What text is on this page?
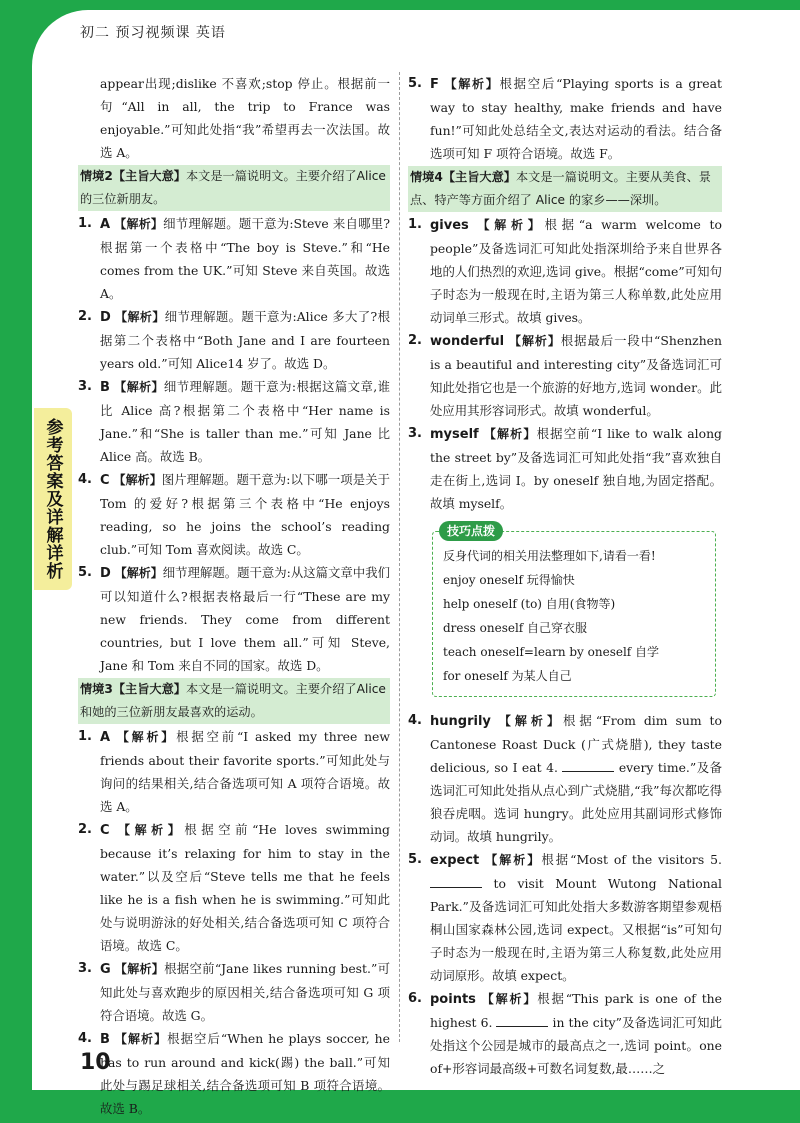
初二 预习视频课 英语
参考答案及详解详析
10

appear出现;dislike 不喜欢;stop 停止。根据前一句“All in all, the trip to France was enjoyable.”可知此处指“我”希望再去一次法国。故选 A。

情境2【主旨大意】本文是一篇说明文。主要介绍了Alice的三位新朋友。
1. A 【解析】细节理解题。题干意为:Steve 来自哪里?根据第一个表格中“The boy is Steve.”和“He comes from the UK.”可知 Steve 来自英国。故选 A。

2. D 【解析】细节理解题。题干意为:Alice 多大了?根据第二个表格中“Both Jane and I are fourteen years old.”可知 Alice14 岁了。故选 D。

3. B 【解析】细节理解题。题干意为:根据这篇文章,谁比 Alice 高?根据第二个表格中“Her name is Jane.”和“She is taller than me.”可知 Jane 比 Alice 高。故选 B。

4. C 【解析】图片理解题。题干意为:以下哪一项是关于 Tom 的爱好?根据第三个表格中“He enjoys reading, so he joins the school’s reading club.”可知 Tom 喜欢阅读。故选 C。

5. D 【解析】细节理解题。题干意为:从这篇文章中我们可以知道什么?根据表格最后一行“These are my new friends. They come from different countries, but I love them all.”可知 Steve, Jane 和 Tom 来自不同的国家。故选 D。

情境3【主旨大意】本文是一篇说明文。主要介绍了Alice和她的三位新朋友最喜欢的运动。
1. A 【解析】根据空前“I asked my three new friends about their favorite sports.”可知此处与询问的结果相关,结合备选项可知 A 项符合语境。故选 A。

2. C 【解析】根据空前“He loves swimming because it’s relaxing for him to stay in the water.”以及空后“Steve tells me that he feels like he is a fish when he is swimming.”可知此处与说明游泳的好处相关,结合备选项可知 C 项符合语境。故选 C。

3. G 【解析】根据空前“Jane likes running best.”可知此处与喜欢跑步的原因相关,结合备选项可知 G 项符合语境。故选 G。

4. B 【解析】根据空后“When he plays soccer, he has to run around and kick(踢) the ball.”可知此处与踢足球相关,结合备选项可知 B 项符合语境。故选 B。

5. F 【解析】根据空后“Playing sports is a great way to stay healthy, make friends and have fun!”可知此处总结全文,表达对运动的看法。结合备选项可知 F 项符合语境。故选 F。

情境4【主旨大意】本文是一篇说明文。主要从美食、景点、特产等方面介绍了 Alice 的家乡——深圳。
1. gives 【解析】根据“a warm welcome to people”及备选词汇可知此处指深圳给予来自世界各地的人们热烈的欢迎,选词 give。根据“come”可知句子时态为一般现在时,主语为第三人称单数,此处应用动词单三形式。故填 gives。

2. wonderful 【解析】根据最后一段中“Shenzhen is a beautiful and interesting city”及备选词汇可知此处指它也是一个旅游的好地方,选词 wonder。此处应用其形容词形式。故填 wonderful。

3. myself 【解析】根据空前“I like to walk along the street by”及备选词汇可知此处指“我”喜欢独自走在街上,选词 I。by oneself 独自地,为固定搭配。故填 myself。

技巧点拨
反身代词的相关用法整理如下,请看一看!
enjoy oneself 玩得愉快
help oneself (to) 自用(食物等)
dress oneself 自己穿衣服
teach oneself=learn by oneself 自学
for oneself 为某人自己
4. hungrily 【解析】根据“From dim sum to Cantonese Roast Duck (广式烧腊), they taste delicious, so I eat 4.	every time.”及备选词汇可知此处指从点心到广式烧腊,“我”每次都吃得狼吞虎咽。选词 hungry。此处应用其副词形式修饰动词。故填 hungrily。

5. expect 【解析】根据“Most of the visitors 5.  to visit Mount Wutong National Park.”及备选词汇可知此处指大多数游客期望参观梧桐山国家森林公园,选词 expect。又根据“is”可知句子时态为一般现在时,主语为第三人称复数,此处应用动词原形。故填 expect。

6. points 【解析】根据“This park is one of the highest 6.	in the city”及备选词汇可知此处指这个公园是城市的最高点之一,选词 point。one of+形容词最高级+可数名词复数,最……之
